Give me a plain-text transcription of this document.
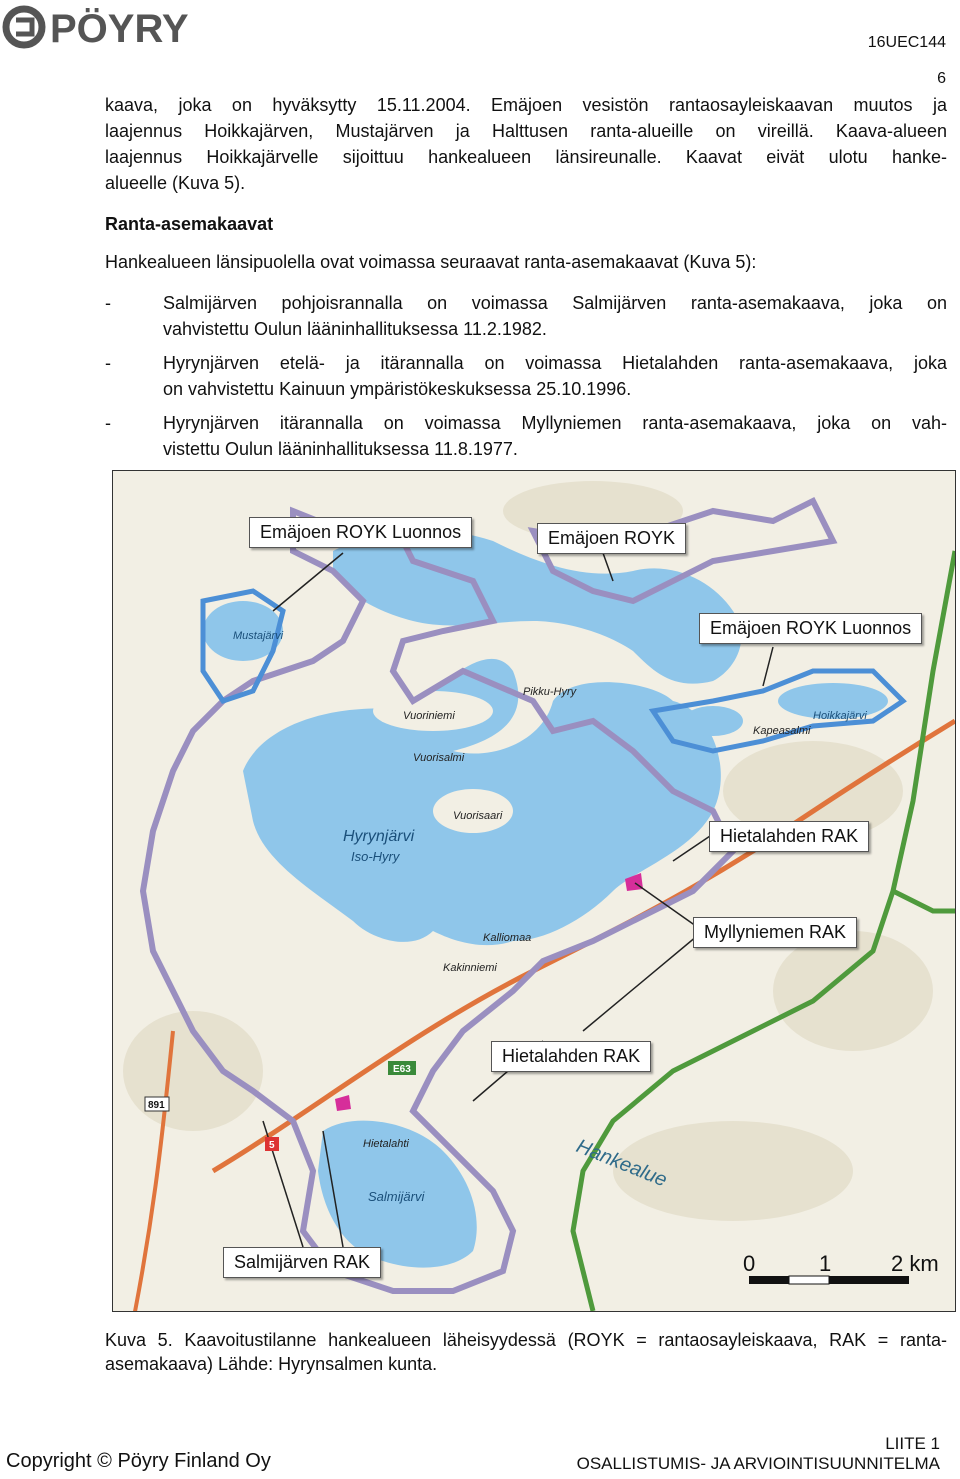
PÖYRY	16UEC144
6
kaava, joka on hyväksytty 15.11.2004. Emäjoen vesistön rantaosayleiskaavan muutos ja
laajennus Hoikkajärven, Mustajärven ja Halttusen ranta-alueille on vireillä. Kaava-alueen
laajennus Hoikkajärvelle sijoittuu hankealueen länsireunalle. Kaavat eivät ulotu hanke-
alueelle (Kuva 5).
Ranta-asemakaavat
Hankealueen länsipuolella ovat voimassa seuraavat ranta-asemakaavat (Kuva 5):
-	Salmijärven pohjoisrannalla on voimassa Salmijärven ranta-asemakaava, joka on
vahvistettu Oulun lääninhallituksessa 11.2.1982.
-	Hyrynjärven etelä- ja itärannalla on voimassa Hietalahden ranta-asemakaava, joka
on vahvistettu Kainuun ympäristökeskuksessa 25.10.1996.
-	Hyrynjärven itärannalla on voimassa Myllyniemen ranta-asemakaava, joka on vah-
vistettu Oulun lääninhallituksessa 11.8.1977.
Hyrynjärvi
Iso-Hyry
Salmijärvi
Mustajärvi
Hoikkajärvi
Vuoriniemi
Vuorisalmi
Vuorisaari
Pikku-Hyry
Kalliomaa
Kapeasalmi
Kakinniemi
Hietalahti
E63
891
5	Hankealue
Emäjoen ROYK Luonnos	Emäjoen ROYK
Emäjoen ROYK Luonnos
Hietalahden RAK
Myllyniemen RAK
Hietalahden RAK
Salmijärven RAK	0	1	2 km
Kuva 5. Kaavoitustilanne hankealueen läheisyydessä (ROYK = rantaosayleiskaava, RAK = ranta-
asemakaava) Lähde: Hyrynsalmen kunta.
Copyright © Pöyry Finland Oy
LIITE 1
OSALLISTUMIS- JA ARVIOINTISUUNNITELMA
